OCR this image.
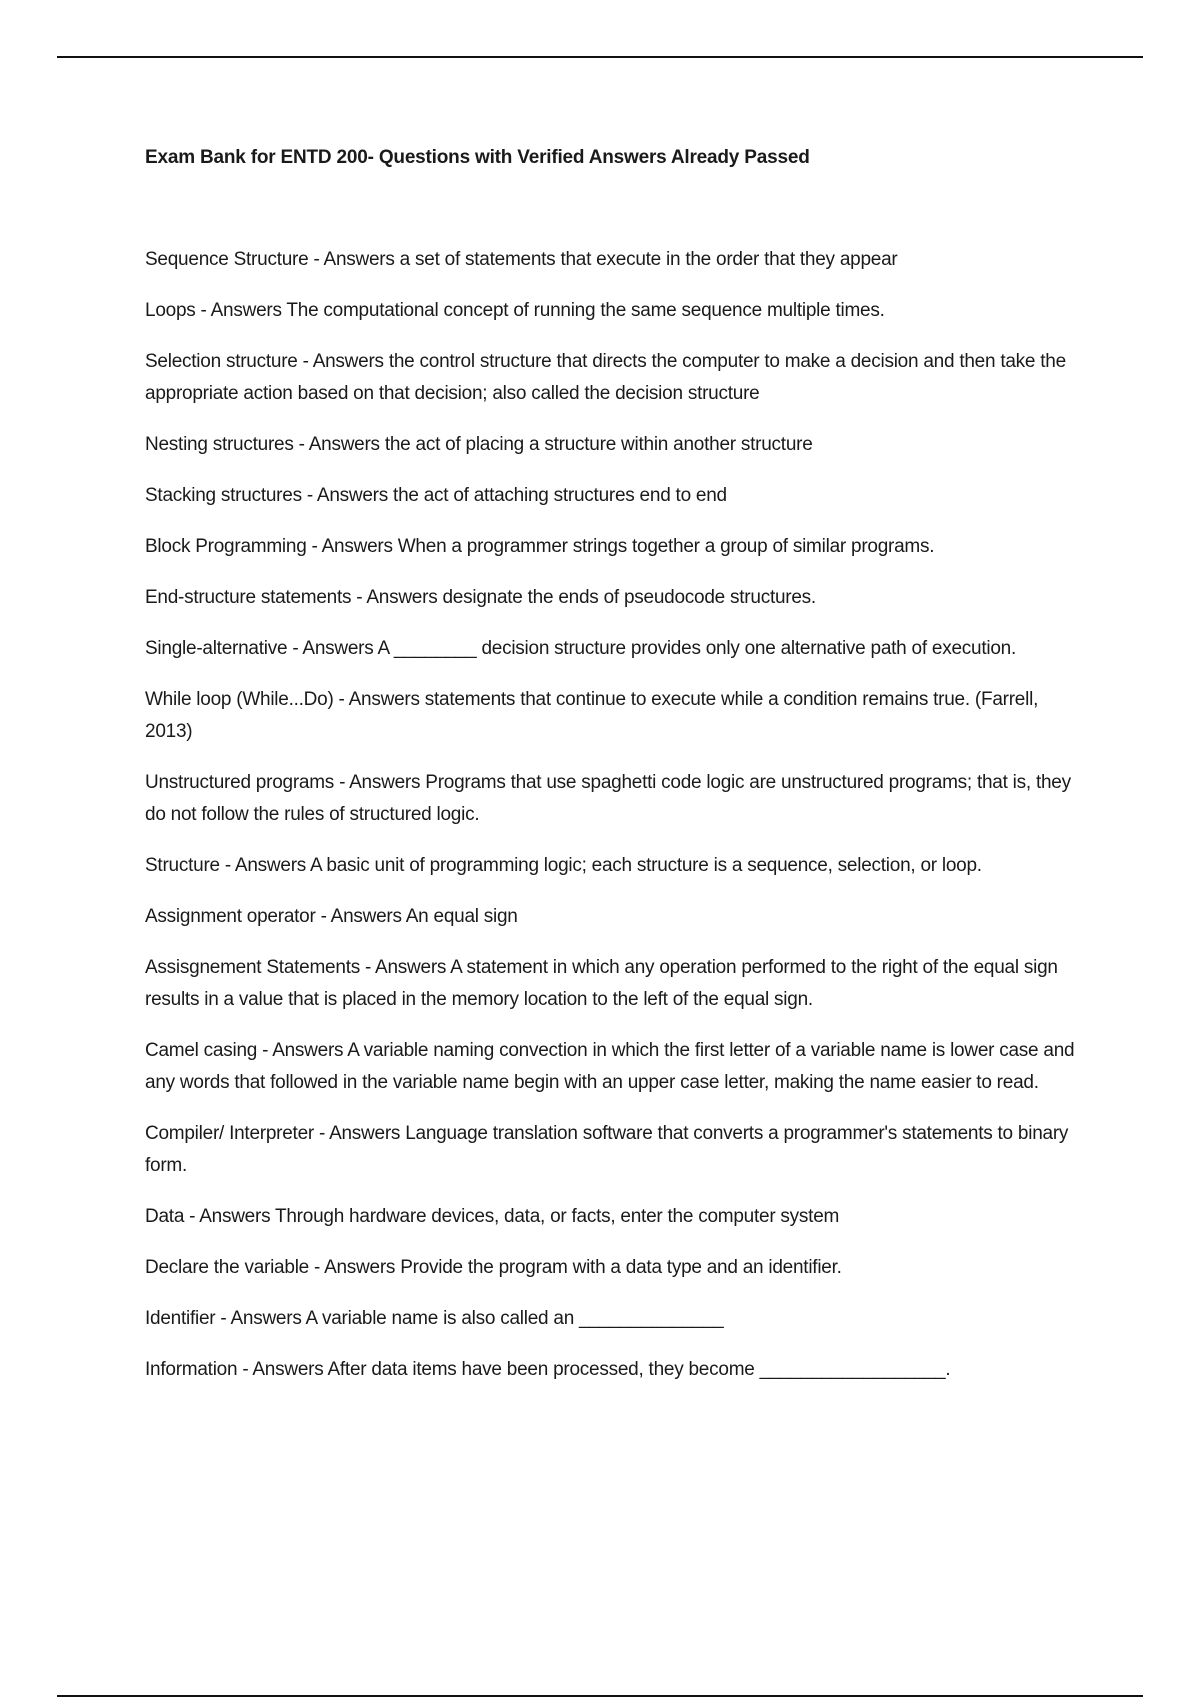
Exam Bank for ENTD 200- Questions with Verified Answers Already Passed

Sequence Structure - Answers a set of statements that execute in the order that they appear

Loops - Answers The computational concept of running the same sequence multiple times.

Selection structure - Answers the control structure that directs the computer to make a decision and then take the appropriate action based on that decision; also called the decision structure

Nesting structures - Answers the act of placing a structure within another structure

Stacking structures - Answers the act of attaching structures end to end

Block Programming - Answers When a programmer strings together a group of similar programs.

End-structure statements - Answers designate the ends of pseudocode structures.

Single-alternative - Answers A ________ decision structure provides only one alternative path of execution.

While loop (While...Do) - Answers statements that continue to execute while a condition remains true. (Farrell, 2013)

Unstructured programs - Answers Programs that use spaghetti code logic are unstructured programs; that is, they do not follow the rules of structured logic.

Structure - Answers A basic unit of programming logic; each structure is a sequence, selection, or loop.

Assignment operator - Answers An equal sign

Assisgnement Statements - Answers A statement in which any operation performed to the right of the equal sign results in a value that is placed in the memory location to the left of the equal sign.

Camel casing - Answers A variable naming convection in which the first letter of a variable name is lower case and any words that followed in the variable name begin with an upper case letter, making the name easier to read.

Compiler/ Interpreter - Answers Language translation software that converts a programmer's statements to binary form.

Data - Answers Through hardware devices, data, or facts, enter the computer system

Declare the variable - Answers Provide the program with a data type and an identifier.

Identifier - Answers A variable name is also called an ______________

Information - Answers After data items have been processed, they become __________________.
